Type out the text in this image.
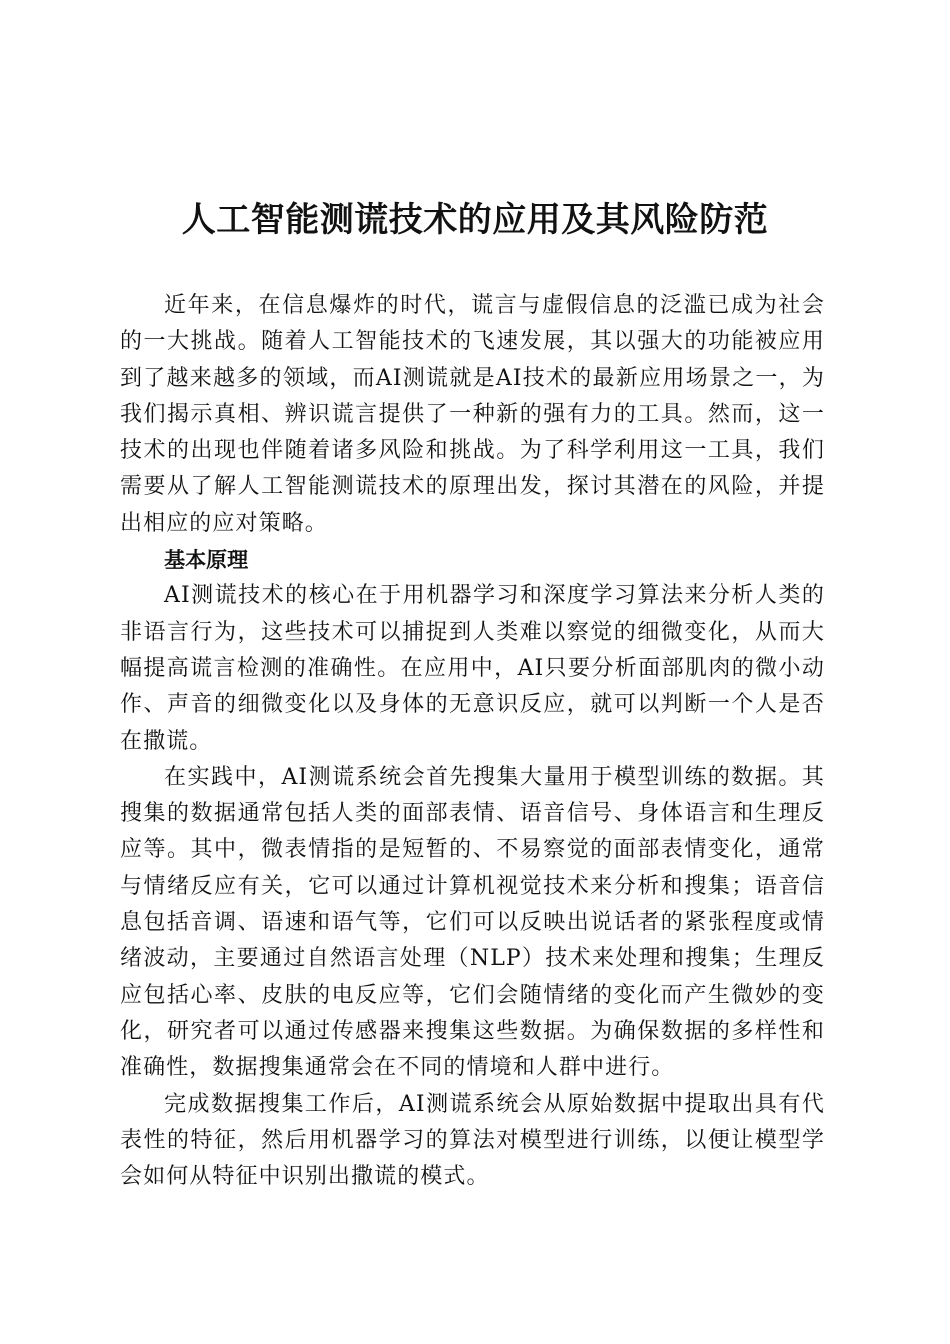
人工智能测谎技术的应用及其风险防范

近年来，在信息爆炸的时代，谎言与虚假信息的泛滥已成为社会的一大挑战。随着人工智能技术的飞速发展，其以强大的功能被应用到了越来越多的领域，而AI测谎就是AI技术的最新应用场景之一，为我们揭示真相、辨识谎言提供了一种新的强有力的工具。然而，这一技术的出现也伴随着诸多风险和挑战。为了科学利用这一工具，我们需要从了解人工智能测谎技术的原理出发，探讨其潜在的风险，并提出相应的应对策略。

基本原理

AI测谎技术的核心在于用机器学习和深度学习算法来分析人类的非语言行为，这些技术可以捕捉到人类难以察觉的细微变化，从而大幅提高谎言检测的准确性。在应用中，AI只要分析面部肌肉的微小动作、声音的细微变化以及身体的无意识反应，就可以判断一个人是否在撒谎。

在实践中，AI测谎系统会首先搜集大量用于模型训练的数据。其搜集的数据通常包括人类的面部表情、语音信号、身体语言和生理反应等。其中，微表情指的是短暂的、不易察觉的面部表情变化，通常与情绪反应有关，它可以通过计算机视觉技术来分析和搜集；语音信息包括音调、语速和语气等，它们可以反映出说话者的紧张程度或情绪波动，主要通过自然语言处理（NLP）技术来处理和搜集；生理反应包括心率、皮肤的电反应等，它们会随情绪的变化而产生微妙的变化，研究者可以通过传感器来搜集这些数据。为确保数据的多样性和准确性，数据搜集通常会在不同的情境和人群中进行。

完成数据搜集工作后，AI测谎系统会从原始数据中提取出具有代表性的特征，然后用机器学习的算法对模型进行训练，以便让模型学会如何从特征中识别出撒谎的模式。
